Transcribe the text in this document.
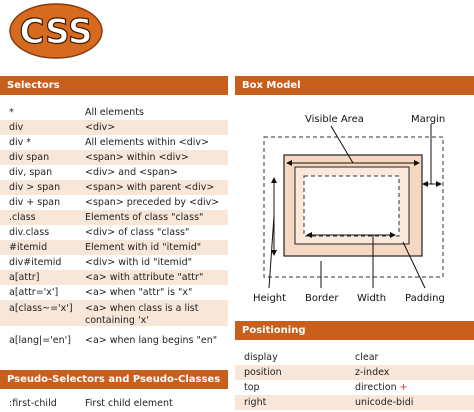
CSS
Selectors
*	All elements
div	<div>
div *	All elements within <div>
div span	<span> within <div>
div, span	<div> and <span>
div > span	<span> with parent <div>
div + span	<span> preceded by <div>
.class	Elements of class "class"
div.class	<div> of class "class"
#itemid	Element with id "itemid"
div#itemid <div> with id "itemid"
a[attr]	<a> with attribute "attr"
a[attr='x']	<a> when "attr" is "x"
a[class~='x'] <a> when class is a list containing 'x'
a[lang|='en'] <a> when lang begins "en"
Pseudo-Selectors and Pseudo-Classes
:first-child	First child element
Box Model
Visible Area	Margin
Height Border Width Padding
Positioning
display	clear
position	z-index
top	direction +
right	unicode-bidi
